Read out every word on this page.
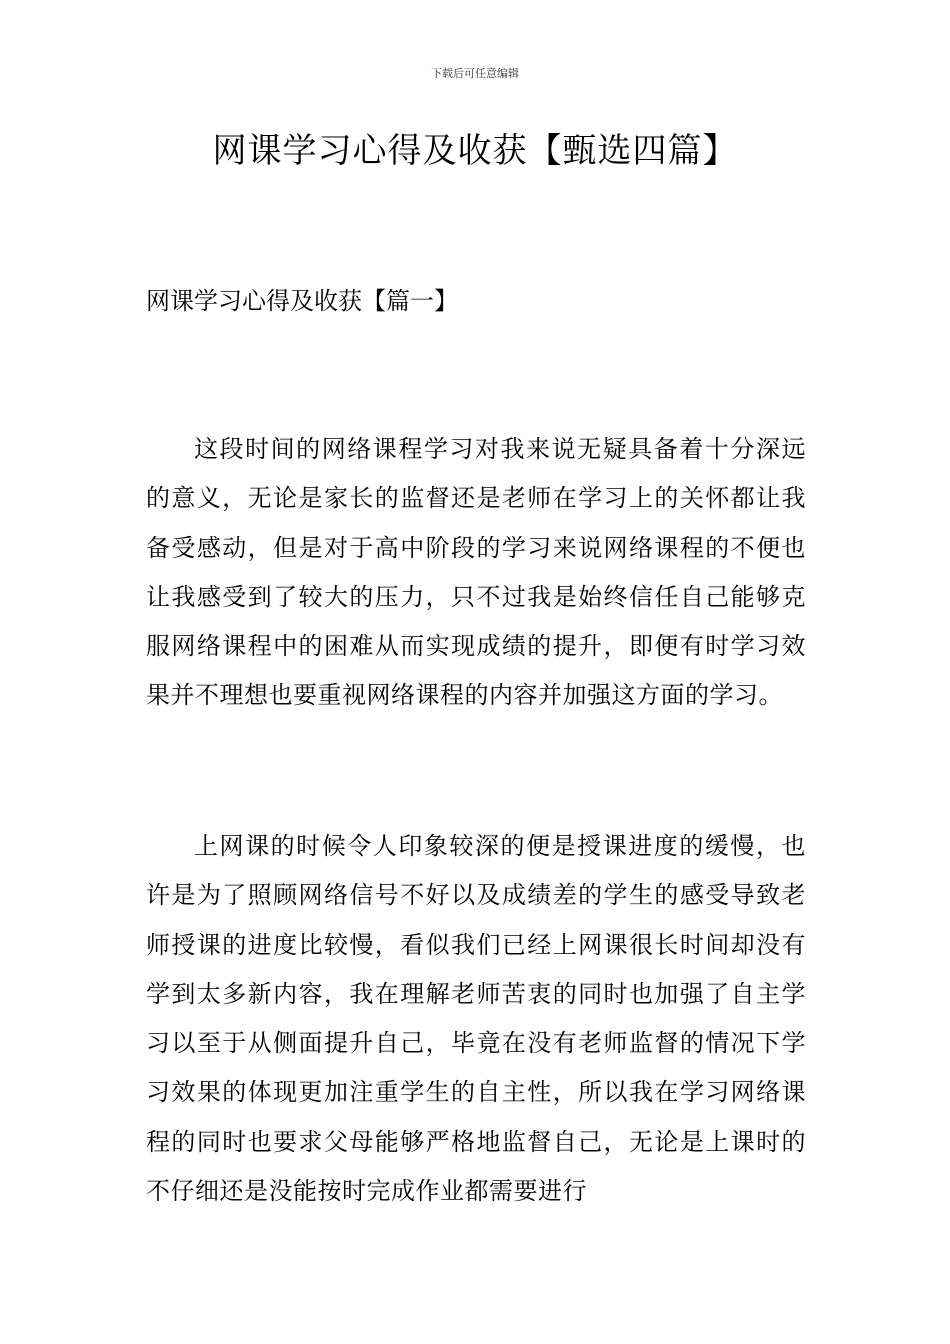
下载后可任意编辑
网课学习心得及收获【甄选四篇】
网课学习心得及收获【篇一】

这段时间的网络课程学习对我来说无疑具备着十分深远的意义，无论是家长的监督还是老师在学习上的关怀都让我备受感动，但是对于高中阶段的学习来说网络课程的不便也让我感受到了较大的压力，只不过我是始终信任自己能够克服网络课程中的困难从而实现成绩的提升，即便有时学习效果并不理想也要重视网络课程的内容并加强这方面的学习。

上网课的时候令人印象较深的便是授课进度的缓慢，也许是为了照顾网络信号不好以及成绩差的学生的感受导致老师授课的进度比较慢，看似我们已经上网课很长时间却没有学到太多新内容，我在理解老师苦衷的同时也加强了自主学习以至于从侧面提升自己，毕竟在没有老师监督的情况下学习效果的体现更加注重学生的自主性，所以我在学习网络课程的同时也要求父母能够严格地监督自己，无论是上课时的不仔细还是没能按时完成作业都需要进行
